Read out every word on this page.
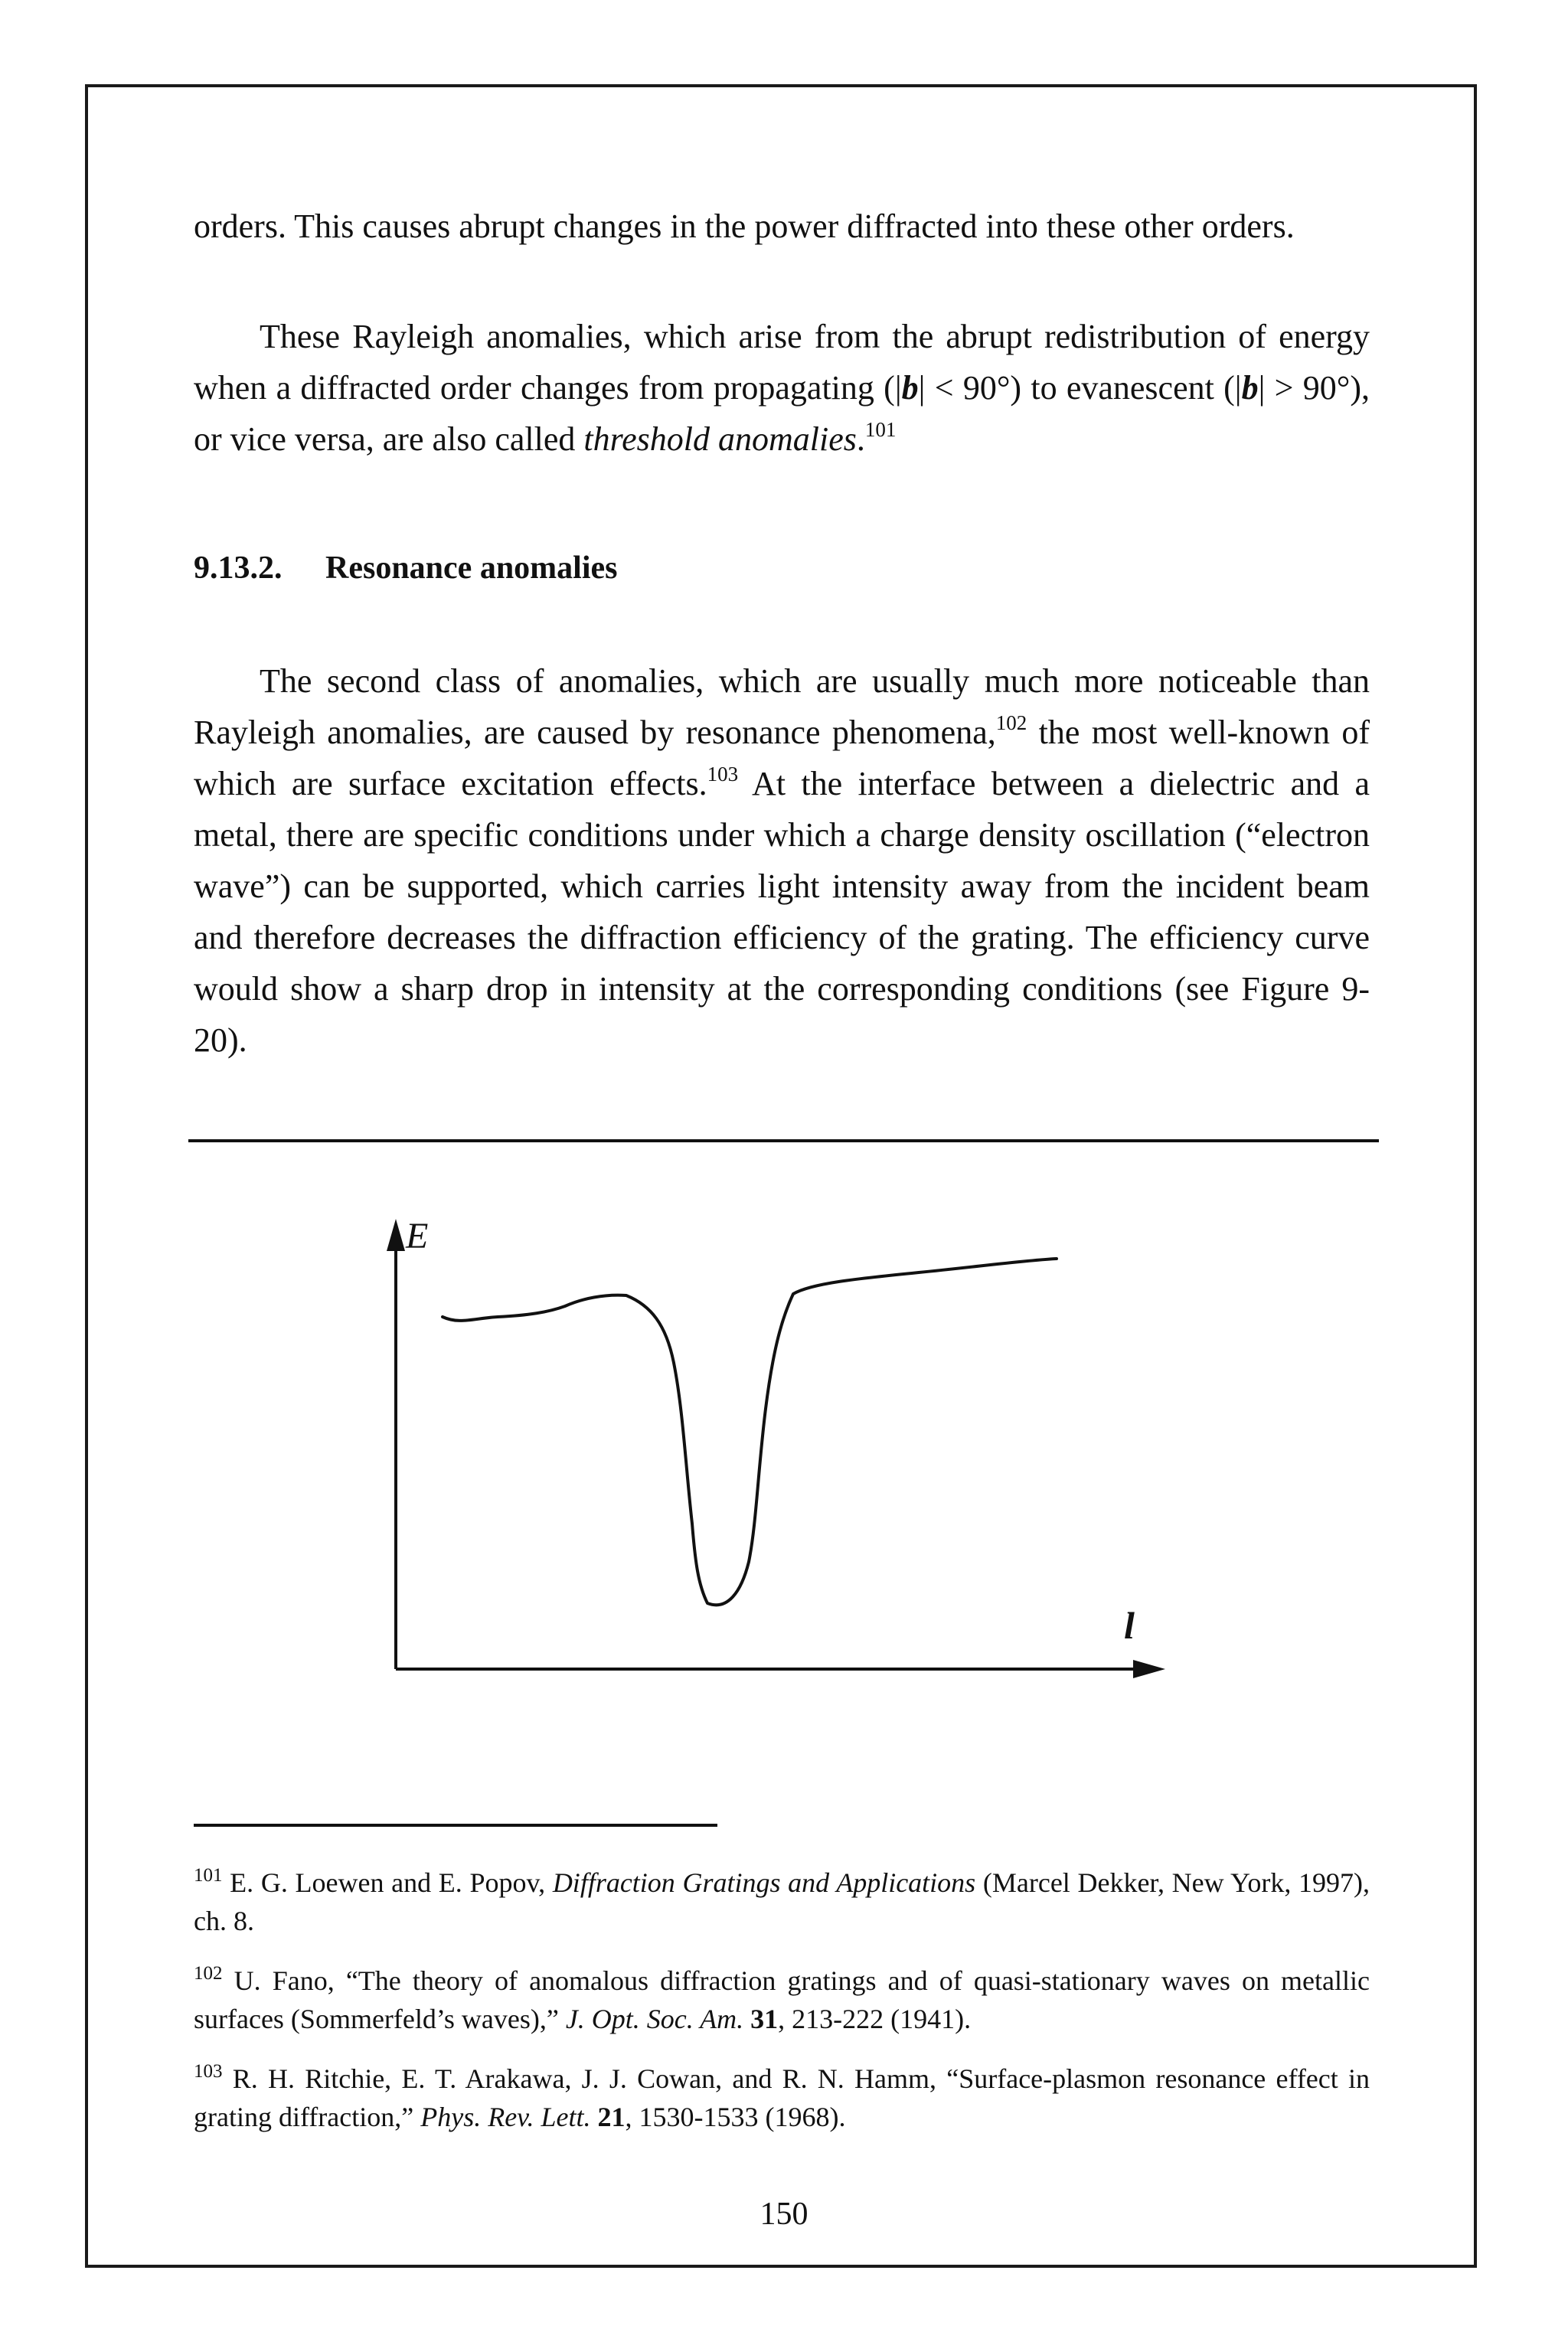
orders. This causes abrupt changes in the power diffracted into these other orders.

These Rayleigh anomalies, which arise from the abrupt redistribution of energy when a diffracted order changes from propagating (|b| < 90°) to evanescent (|b| > 90°), or vice versa, are also called threshold anomalies.$^{101}$

9.13.2. Resonance anomalies

The second class of anomalies, which are usually much more noticeable than Rayleigh anomalies, are caused by resonance phenomena,$^{102}$ the most well-known of which are surface excitation effects.$^{103}$ At the interface between a dielectric and a metal, there are specific conditions under which a charge density oscillation (“electron wave”) can be supported, which carries light intensity away from the incident beam and therefore decreases the diffraction efficiency of the grating. The efficiency curve would show a sharp drop in intensity at the corresponding conditions (see Figure 9-20).

E
l

$^{101}$ E. G. Loewen and E. Popov, Diffraction Gratings and Applications (Marcel Dekker, New York, 1997), ch. 8.

$^{102}$ U. Fano, “The theory of anomalous diffraction gratings and of quasi-stationary waves on metallic surfaces (Sommerfeld’s waves),” J. Opt. Soc. Am. 31, 213-222 (1941).

$^{103}$ R. H. Ritchie, E. T. Arakawa, J. J. Cowan, and R. N. Hamm, “Surface-plasmon resonance effect in grating diffraction,” Phys. Rev. Lett. 21, 1530-1533 (1968).

150
